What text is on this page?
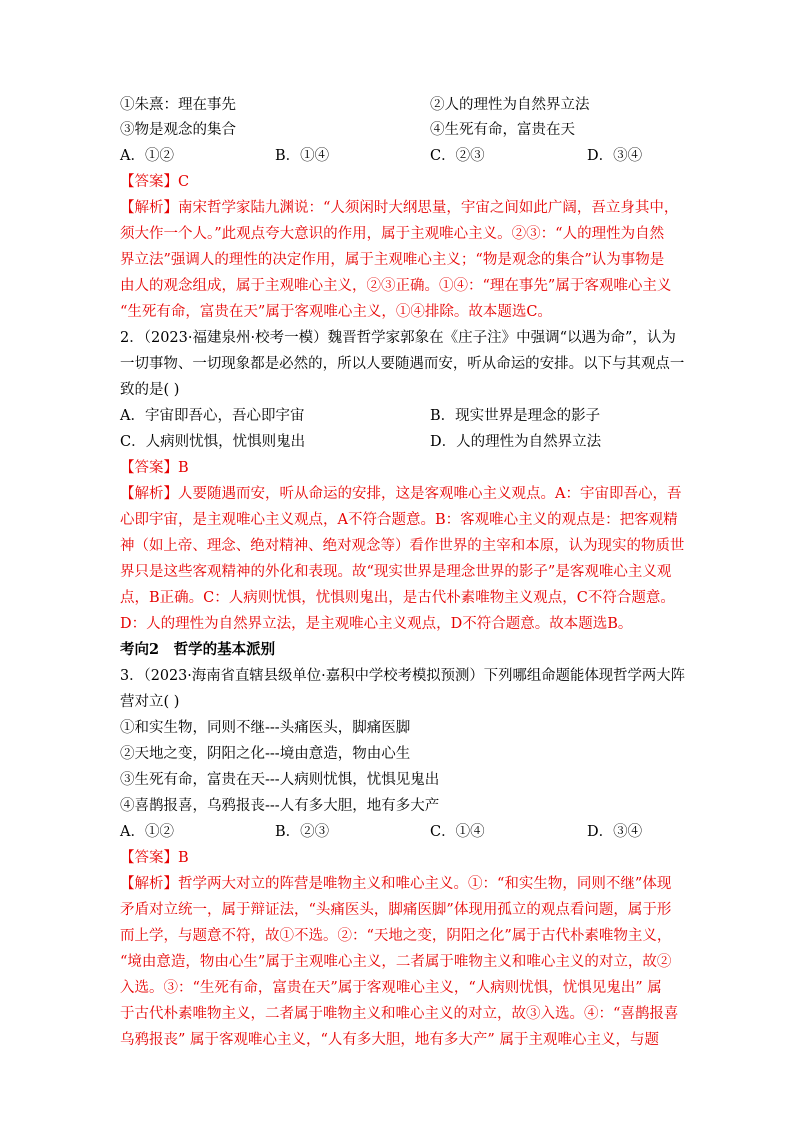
①朱熹：理在事先	②人的理性为自然界立法
③物是观念的集合	④生死有命，富贵在天
A．①②	B．①④	C．②③	D．③④
【答案】C
【解析】南宋哲学家陆九渊说：“人须闲时大纲思量，宇宙之间如此广阔，吾立身其中，
须大作一个人。”此观点夸大意识的作用，属于主观唯心主义。②③：“人的理性为自然
界立法”强调人的理性的决定作用，属于主观唯心主义；“物是观念的集合”认为事物是
由人的观念组成，属于主观唯心主义，②③正确。①④：“理在事先”属于客观唯心主义
“生死有命，富贵在天”属于客观唯心主义，①④排除。故本题选C。
2．（2023·福建泉州·校考一模）魏晋哲学家郭象在《庄子注》中强调“以遇为命”，认为
一切事物、一切现象都是必然的，所以人要随遇而安，听从命运的安排。以下与其观点一
致的是( )
A．宇宙即吾心，吾心即宇宙	B．现实世界是理念的影子
C．人病则忧惧，忧惧则鬼出	D．人的理性为自然界立法
【答案】B
【解析】人要随遇而安，听从命运的安排，这是客观唯心主义观点。A：宇宙即吾心，吾
心即宇宙，是主观唯心主义观点，A不符合题意。B：客观唯心主义的观点是：把客观精
神（如上帝、理念、绝对精神、绝对观念等）看作世界的主宰和本原，认为现实的物质世
界只是这些客观精神的外化和表现。故“现实世界是理念世界的影子”是客观唯心主义观
点，B正确。C：人病则忧惧，忧惧则鬼出，是古代朴素唯物主义观点，C不符合题意。
D：人的理性为自然界立法，是主观唯心主义观点，D不符合题意。故本题选B。
考向2　哲学的基本派别
3．（2023·海南省直辖县级单位·嘉积中学校考模拟预测）下列哪组命题能体现哲学两大阵
营对立( )
①和实生物，同则不继---头痛医头，脚痛医脚
②天地之变，阴阳之化---境由意造，物由心生
③生死有命，富贵在天---人病则忧惧，忧惧见鬼出
④喜鹊报喜，乌鸦报丧---人有多大胆，地有多大产
A．①②	B．②③	C．①④	D．③④
【答案】B
【解析】哲学两大对立的阵营是唯物主义和唯心主义。①：“和实生物，同则不继”体现
矛盾对立统一，属于辩证法，“头痛医头，脚痛医脚”体现用孤立的观点看问题，属于形
而上学，与题意不符，故①不选。②：“天地之变，阴阳之化”属于古代朴素唯物主义，
“境由意造，物由心生”属于主观唯心主义，二者属于唯物主义和唯心主义的对立，故②
入选。③：“生死有命，富贵在天”属于客观唯心主义，“人病则忧惧，忧惧见鬼出” 属
于古代朴素唯物主义，二者属于唯物主义和唯心主义的对立，故③入选。④：“喜鹊报喜
乌鸦报丧” 属于客观唯心主义，“人有多大胆，地有多大产” 属于主观唯心主义，与题
